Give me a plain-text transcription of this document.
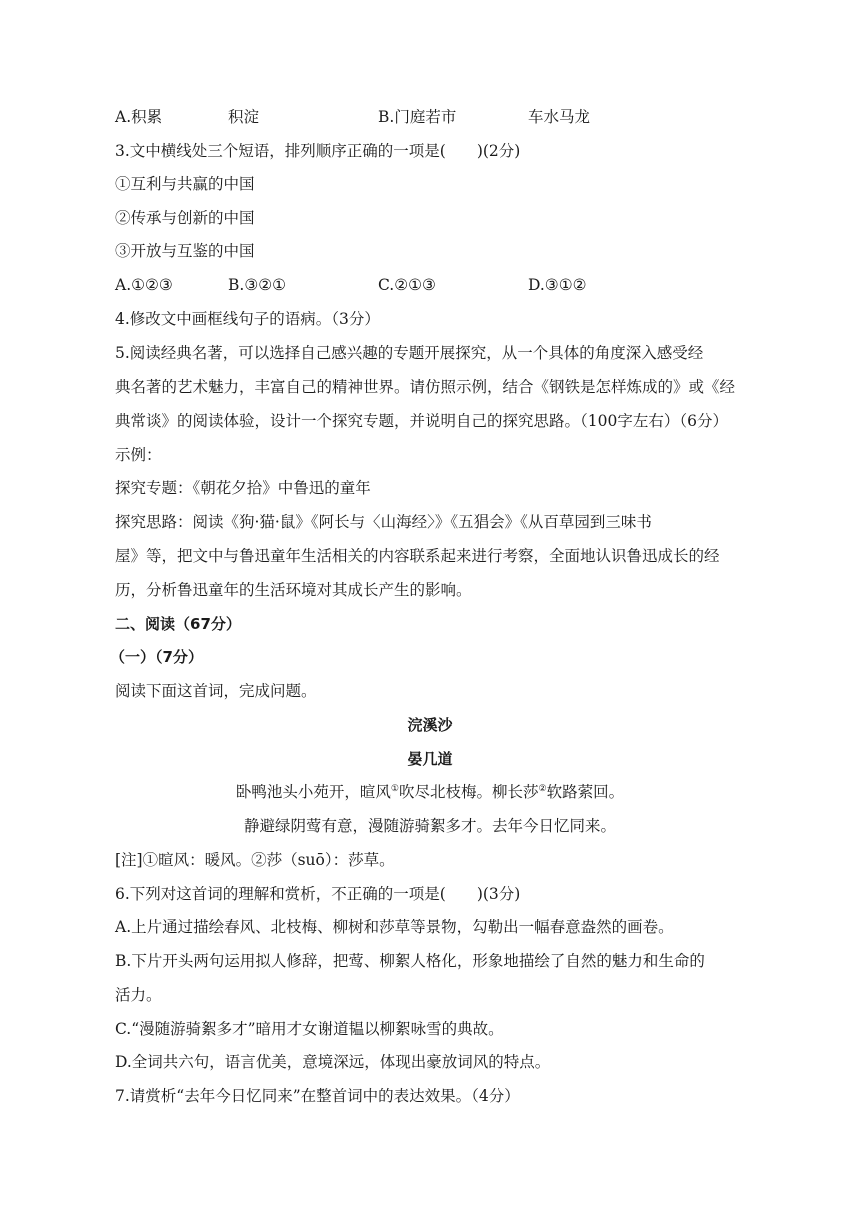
A.积累	积淀	B.门庭若市	车水马龙
3.文中横线处三个短语，排列顺序正确的一项是(　　)(2分)
①互利与共赢的中国
②传承与创新的中国
③开放与互鉴的中国
A.①②③	B.③②①	C.②①③	D.③①②
4.修改文中画框线句子的语病。（3分）
5.阅读经典名著，可以选择自己感兴趣的专题开展探究，从一个具体的角度深入感受经
典名著的艺术魅力，丰富自己的精神世界。请仿照示例，结合《钢铁是怎样炼成的》或《经
典常谈》的阅读体验，设计一个探究专题，并说明自己的探究思路。（100字左右）（6分）
示例：
探究专题：《朝花夕拾》中鲁迅的童年
探究思路：阅读《狗·猫·鼠》《阿长与〈山海经〉》《五猖会》《从百草园到三味书
屋》等，把文中与鲁迅童年生活相关的内容联系起来进行考察，全面地认识鲁迅成长的经
历，分析鲁迅童年的生活环境对其成长产生的影响。
二、阅读（67分）
（一）（7分）
阅读下面这首词，完成问题。
浣溪沙
晏几道
卧鸭池头小苑开，暄风①吹尽北枝梅。柳长莎②软路萦回。
静避绿阴莺有意，漫随游骑絮多才。去年今日忆同来。
[注]①暄风：暖风。②莎（suō）：莎草。
6.下列对这首词的理解和赏析，不正确的一项是(　　)(3分)
A.上片通过描绘春风、北枝梅、柳树和莎草等景物，勾勒出一幅春意盎然的画卷。
B.下片开头两句运用拟人修辞，把莺、柳絮人格化，形象地描绘了自然的魅力和生命的
活力。
C.“漫随游骑絮多才”暗用才女谢道韫以柳絮咏雪的典故。
D.全词共六句，语言优美，意境深远，体现出豪放词风的特点。
7.请赏析“去年今日忆同来”在整首词中的表达效果。（4分）
